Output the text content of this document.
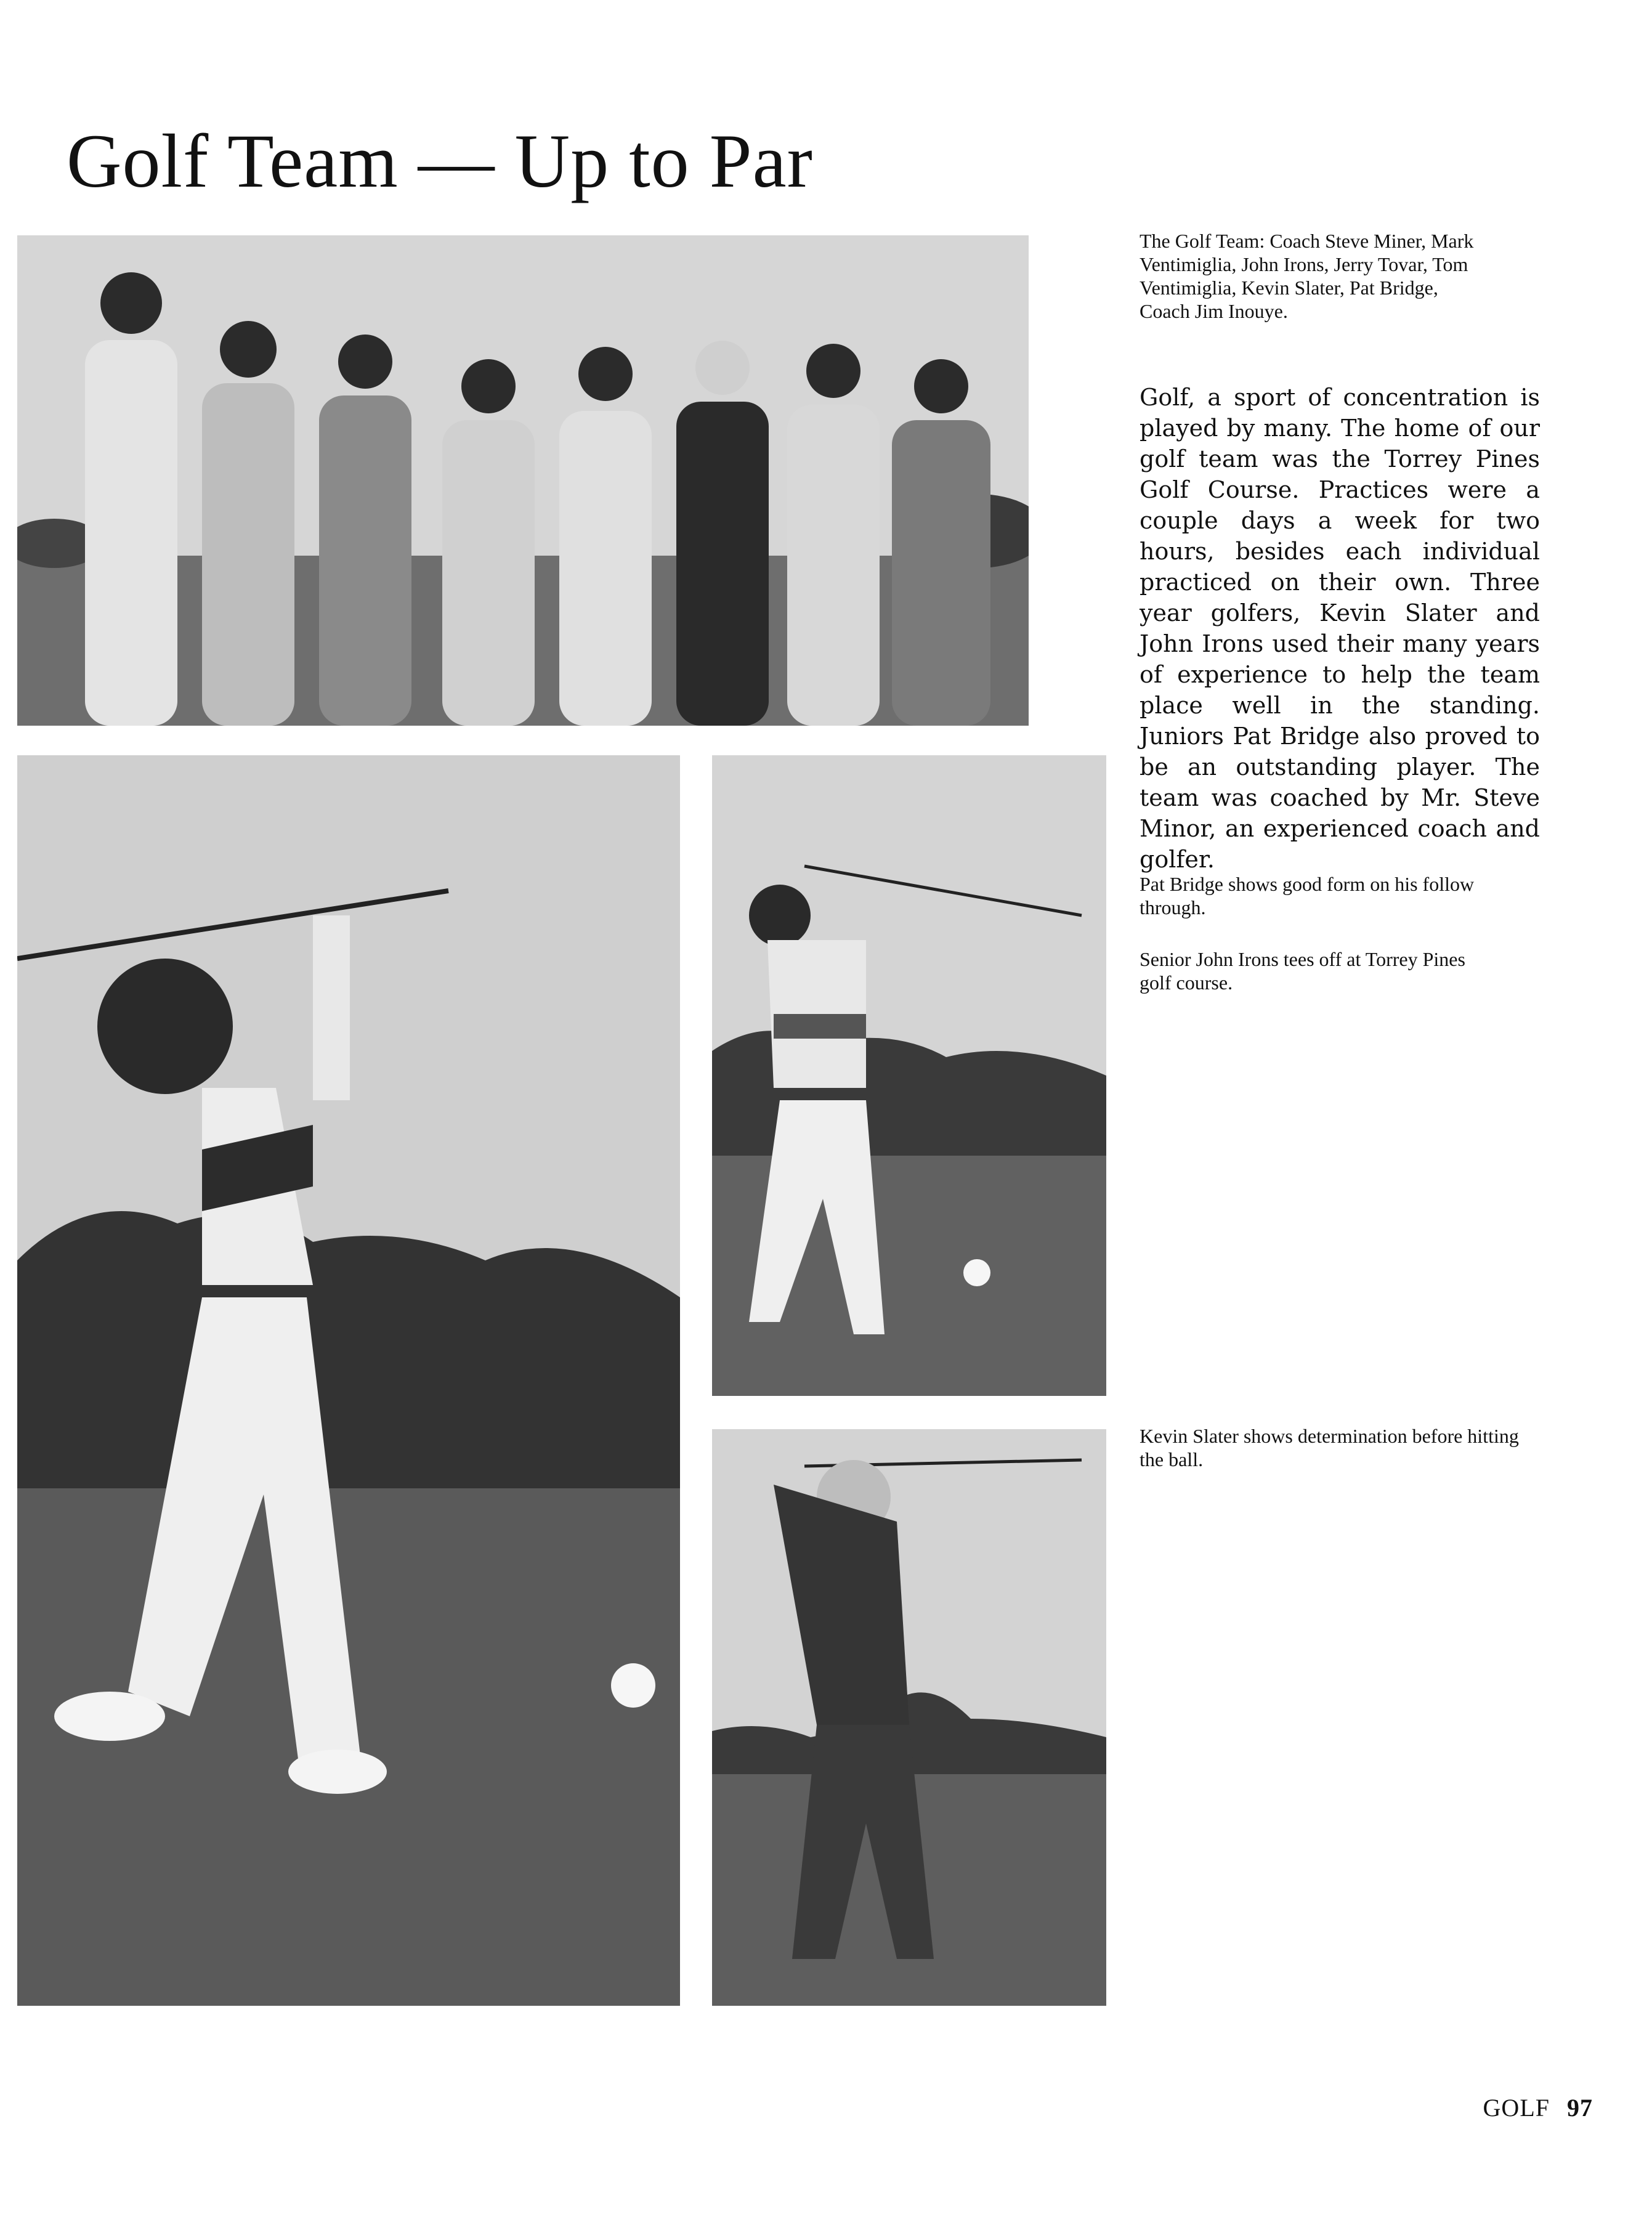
Golf Team — Up to Par

The Golf Team: Coach Steve Miner, Mark Ventimiglia, John Irons, Jerry Tovar, Tom Ventimiglia, Kevin Slater, Pat Bridge, Coach Jim Inouye.

Golf, a sport of concentration is played by many. The home of our golf team was the Torrey Pines Golf Course. Practices were a couple days a week for two hours, besides each individual practiced on their own. Three year golfers, Kevin Slater and John Irons used their many years of experience to help the team place well in the standing. Juniors Pat Bridge also proved to be an outstanding player. The team was coached by Mr. Steve Minor, an experienced coach and golfer.

Pat Bridge shows good form on his follow through.

Senior John Irons tees off at Torrey Pines golf course.

Kevin Slater shows determination before hitting the ball.

GOLF 97
